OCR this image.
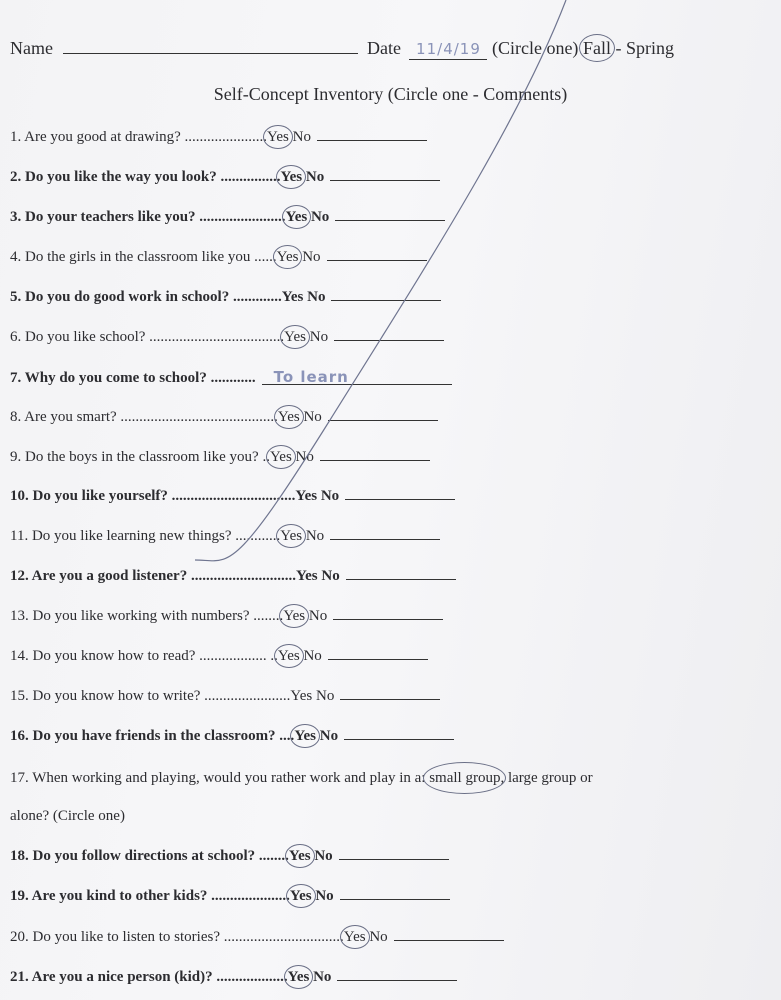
Name	Date 11/4/19 (Circle one) Fall - Spring
Self-Concept Inventory (Circle one - Comments)
1. Are you good at drawing? ......................
Yes No
2. Do you like the way you look? ................
Yes No
3. Do your teachers like you? .......................
Yes No
4. Do the girls in the classroom like you ......
Yes No
5. Do you do good work in school? .............Yes No
6. Do you like school? ....................................
Yes No
7. Why do you come to school? ............ To learn
8. Are you smart? ..........................................
Yes No
9. Do the boys in the classroom like you? ..
Yes No
10. Do you like yourself? .................................Yes No
11. Do you like learning new things? ............
Yes No
12. Are you a good listener? ............................Yes No
13. Do you like working with numbers? ........
Yes No
14. Do you know how to read? .................. ..
Yes No
15. Do you know how to write? .......................Yes No
16. Do you have friends in the classroom? ....
Yes No
18. Do you follow directions at school? ........
Yes No
19. Are you kind to other kids? .....................
Yes No
20. Do you like to listen to stories? ................................
Yes No
21. Are you a nice person (kid)? ...................
Yes No
17. When working and playing, would you rather work and play in a:
small group, large group or
alone? (Circle one)
